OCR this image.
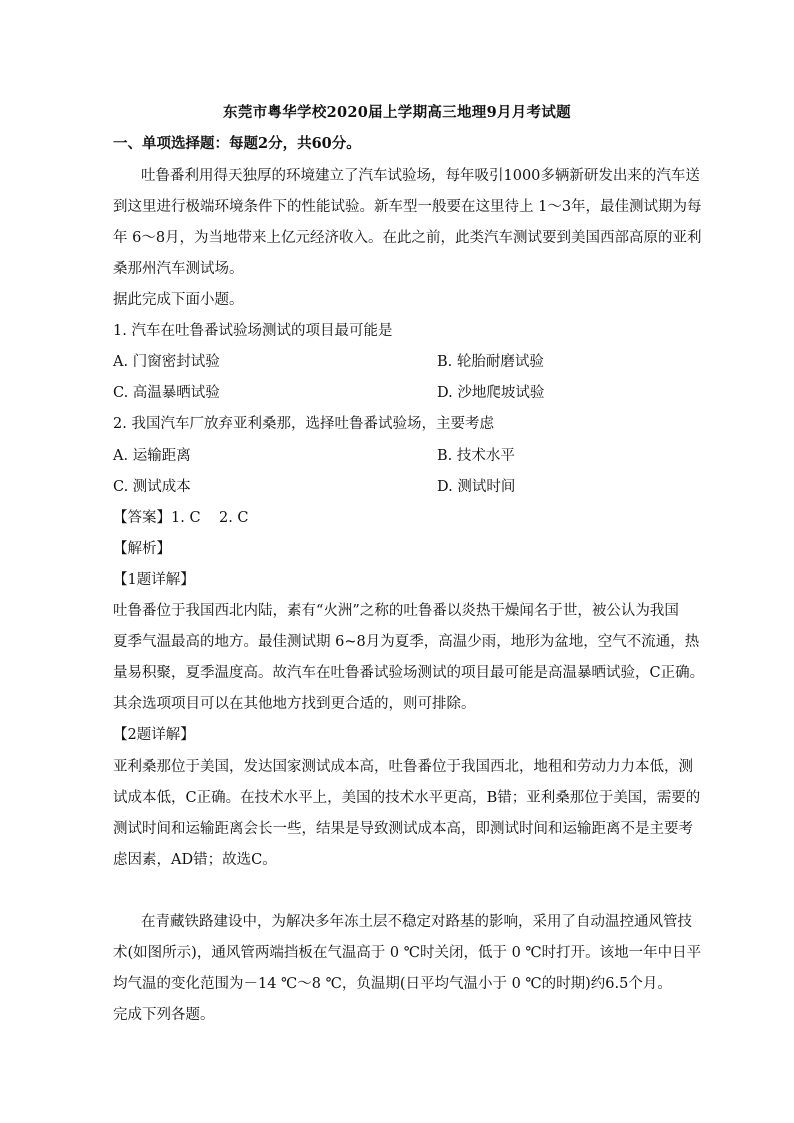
东莞市粤华学校2020届上学期高三地理9月月考试题
一、单项选择题：每题2分，共60分。
吐鲁番利用得天独厚的环境建立了汽车试验场，每年吸引1000多辆新研发出来的汽车送
到这里进行极端环境条件下的性能试验。新车型一般要在这里待上 1～3年，最佳测试期为每
年 6～8月，为当地带来上亿元经济收入。在此之前，此类汽车测试要到美国西部高原的亚利
桑那州汽车测试场。
据此完成下面小题。
1. 汽车在吐鲁番试验场测试的项目最可能是
A. 门窗密封试验	B. 轮胎耐磨试验
C. 高温暴晒试验	D. 沙地爬坡试验
2. 我国汽车厂放弃亚利桑那，选择吐鲁番试验场，主要考虑
A. 运输距离	B. 技术水平
C. 测试成本	D. 测试时间
【答案】1. C    2. C
【解析】
【1题详解】
吐鲁番位于我国西北内陆，素有“火洲”之称的吐鲁番以炎热干燥闻名于世，被公认为我国
夏季气温最高的地方。最佳测试期 6~8月为夏季，高温少雨，地形为盆地，空气不流通，热
量易积聚，夏季温度高。故汽车在吐鲁番试验场测试的项目最可能是高温暴晒试验，C正确。
其余选项项目可以在其他地方找到更合适的，则可排除。
【2题详解】
亚利桑那位于美国，发达国家测试成本高，吐鲁番位于我国西北，地租和劳动力力本低，测
试成本低，C正确。在技术水平上，美国的技术水平更高，B错；亚利桑那位于美国，需要的
测试时间和运输距离会长一些，结果是导致测试成本高，即测试时间和运输距离不是主要考
虑因素，AD错；故选C。
在青藏铁路建设中，为解决多年冻土层不稳定对路基的影响，采用了自动温控通风管技
术(如图所示)，通风管两端挡板在气温高于 0 ℃时关闭，低于 0 ℃时打开。该地一年中日平
均气温的变化范围为－14 ℃～8 ℃，负温期(日平均气温小于 0 ℃的时期)约6.5个月。
完成下列各题。
